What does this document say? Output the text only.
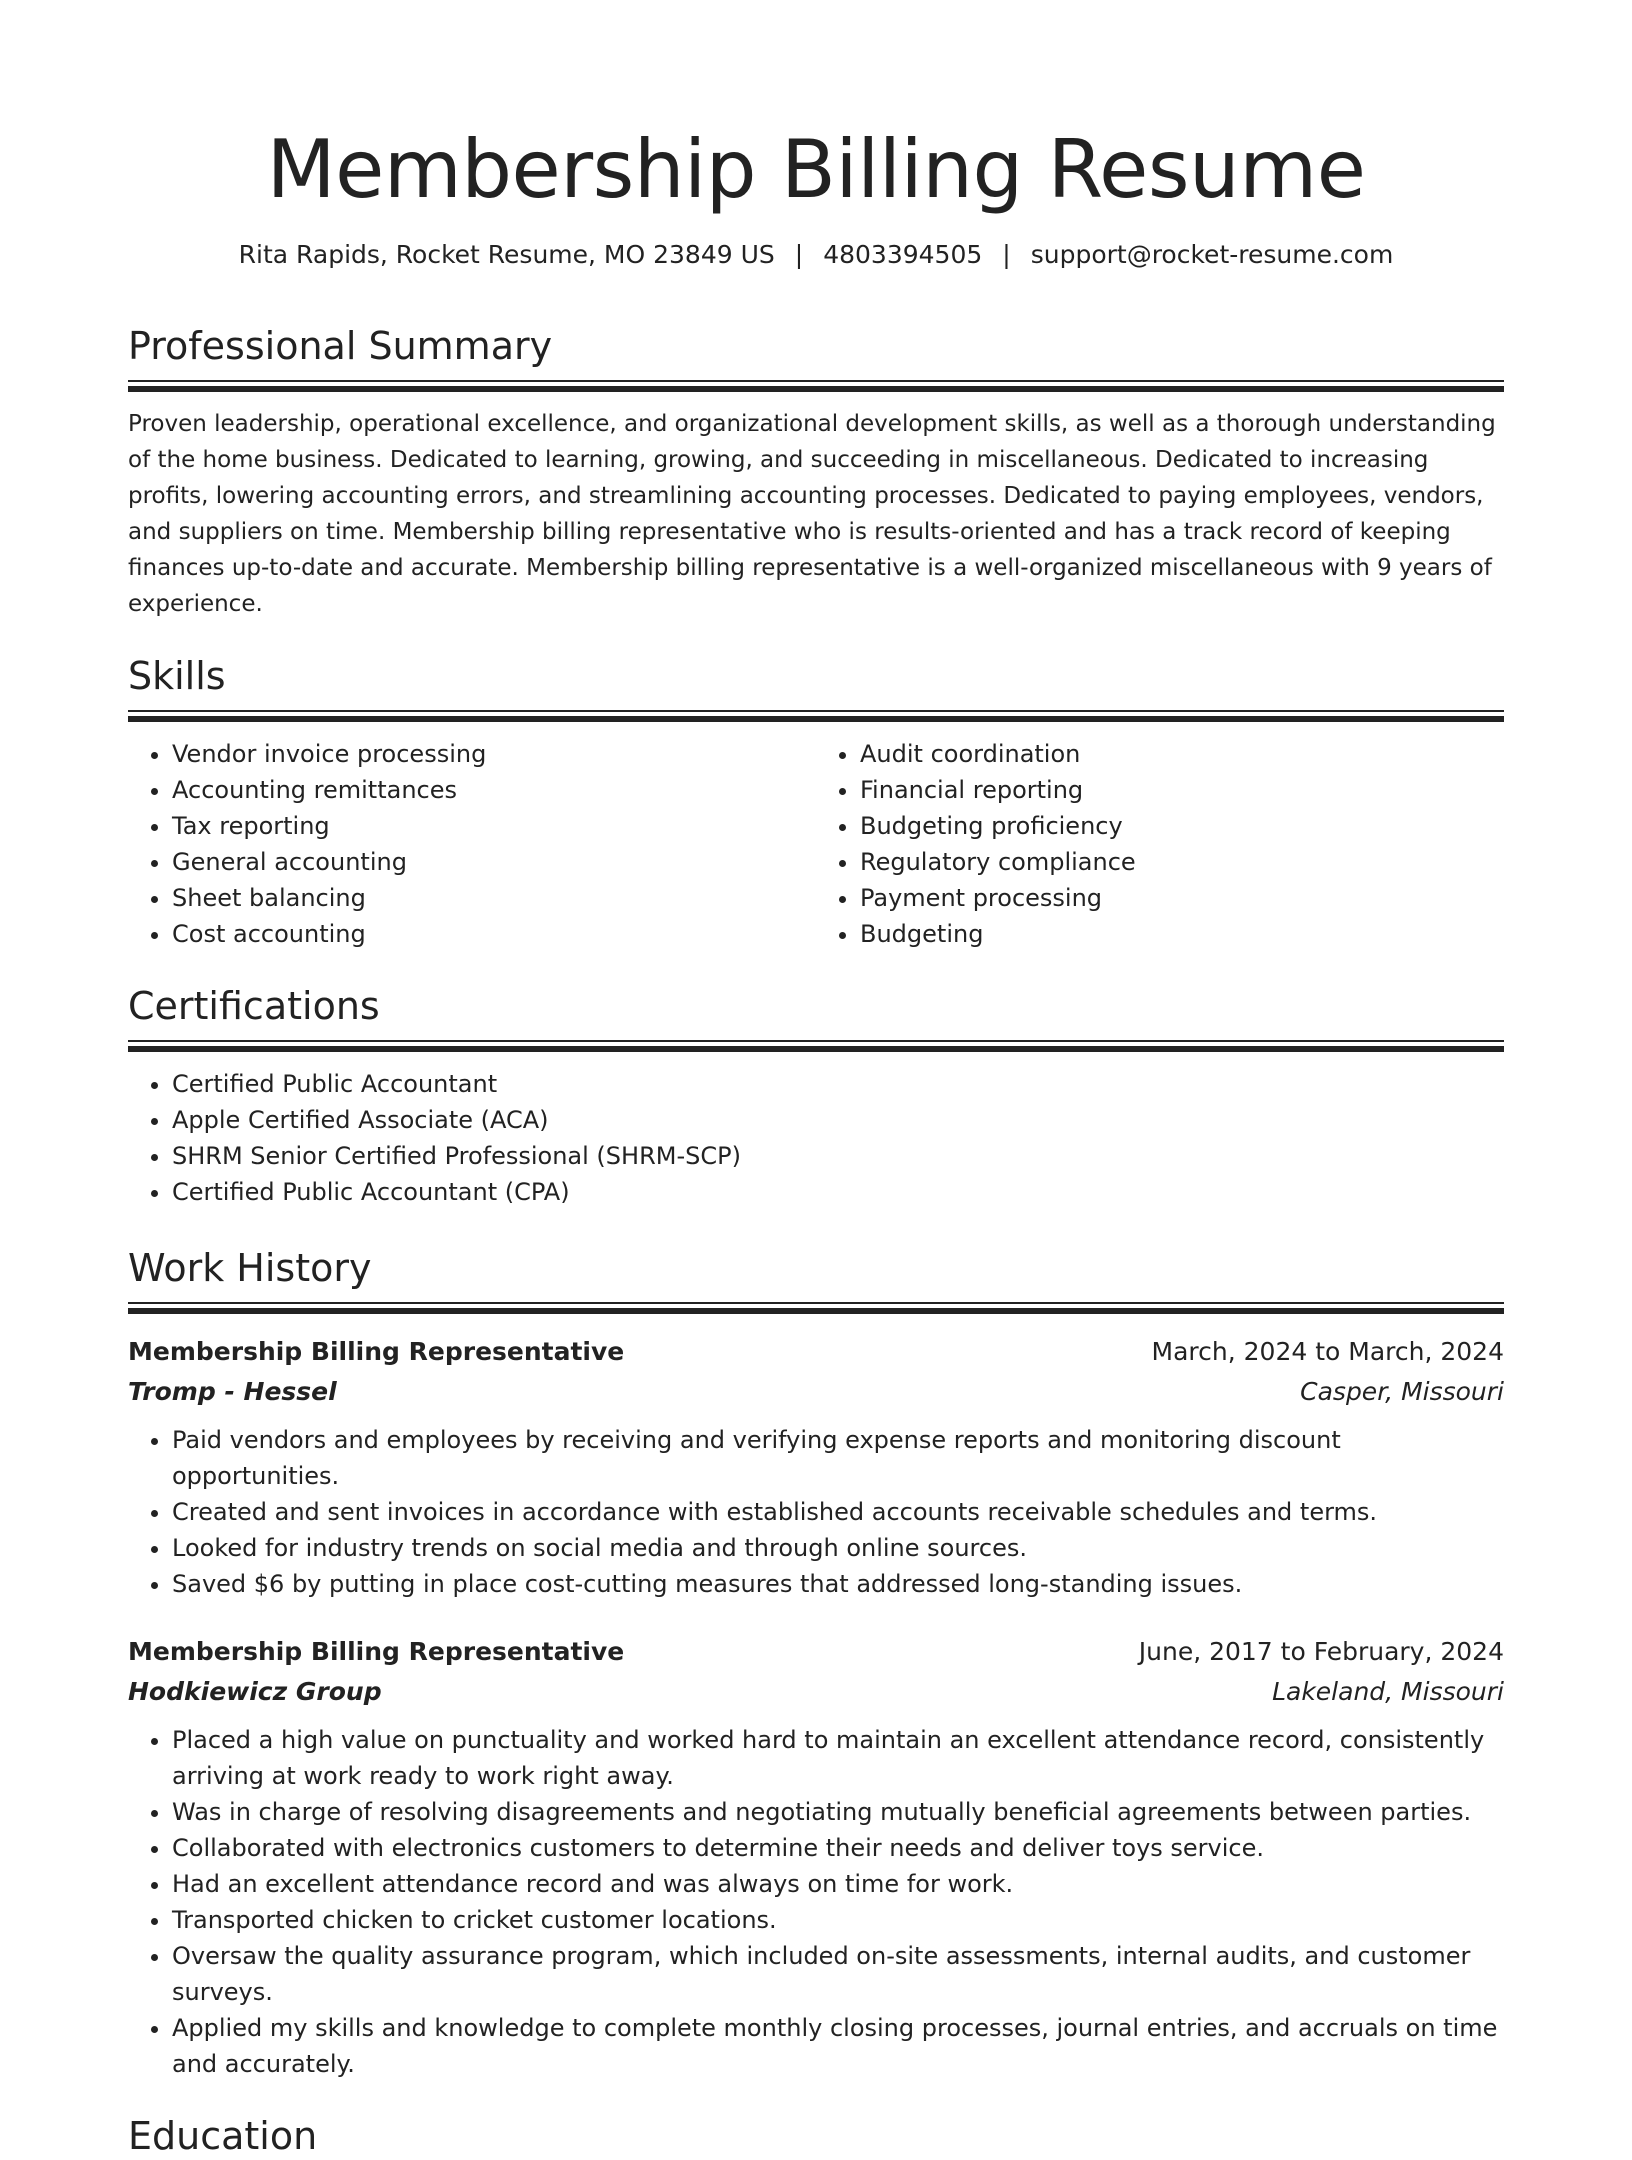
Membership Billing Resume
Rita Rapids, Rocket Resume, MO 23849 US | 4803394505 | support@rocket-resume.com
Professional Summary
Proven leadership, operational excellence, and organizational development skills, as well as a thorough understanding of the home business. Dedicated to learning, growing, and succeeding in miscellaneous. Dedicated to increasing profits, lowering accounting errors, and streamlining accounting processes. Dedicated to paying employees, vendors, and suppliers on time. Membership billing representative who is results-oriented and has a track record of keeping finances up-to-date and accurate. Membership billing representative is a well-organized miscellaneous with 9 years of experience.
Skills
• Vendor invoice processing
• Accounting remittances
• Tax reporting
• General accounting
• Sheet balancing
• Cost accounting
• Audit coordination
• Financial reporting
• Budgeting proficiency
• Regulatory compliance
• Payment processing
• Budgeting
Certifications
• Certified Public Accountant
• Apple Certified Associate (ACA)
• SHRM Senior Certified Professional (SHRM-SCP)
• Certified Public Accountant (CPA)
Work History
Membership Billing Representative	March, 2024 to March, 2024
Tromp - Hessel	Casper, Missouri
• Paid vendors and employees by receiving and verifying expense reports and monitoring discount opportunities.
• Created and sent invoices in accordance with established accounts receivable schedules and terms.
• Looked for industry trends on social media and through online sources.
• Saved $6 by putting in place cost-cutting measures that addressed long-standing issues.
Membership Billing Representative	June, 2017 to February, 2024
Hodkiewicz Group	Lakeland, Missouri
• Placed a high value on punctuality and worked hard to maintain an excellent attendance record, consistently arriving at work ready to work right away.
• Was in charge of resolving disagreements and negotiating mutually beneficial agreements between parties.
• Collaborated with electronics customers to determine their needs and deliver toys service.
• Had an excellent attendance record and was always on time for work.
• Transported chicken to cricket customer locations.
• Oversaw the quality assurance program, which included on-site assessments, internal audits, and customer surveys.
• Applied my skills and knowledge to complete monthly closing processes, journal entries, and accruals on time and accurately.
Education
